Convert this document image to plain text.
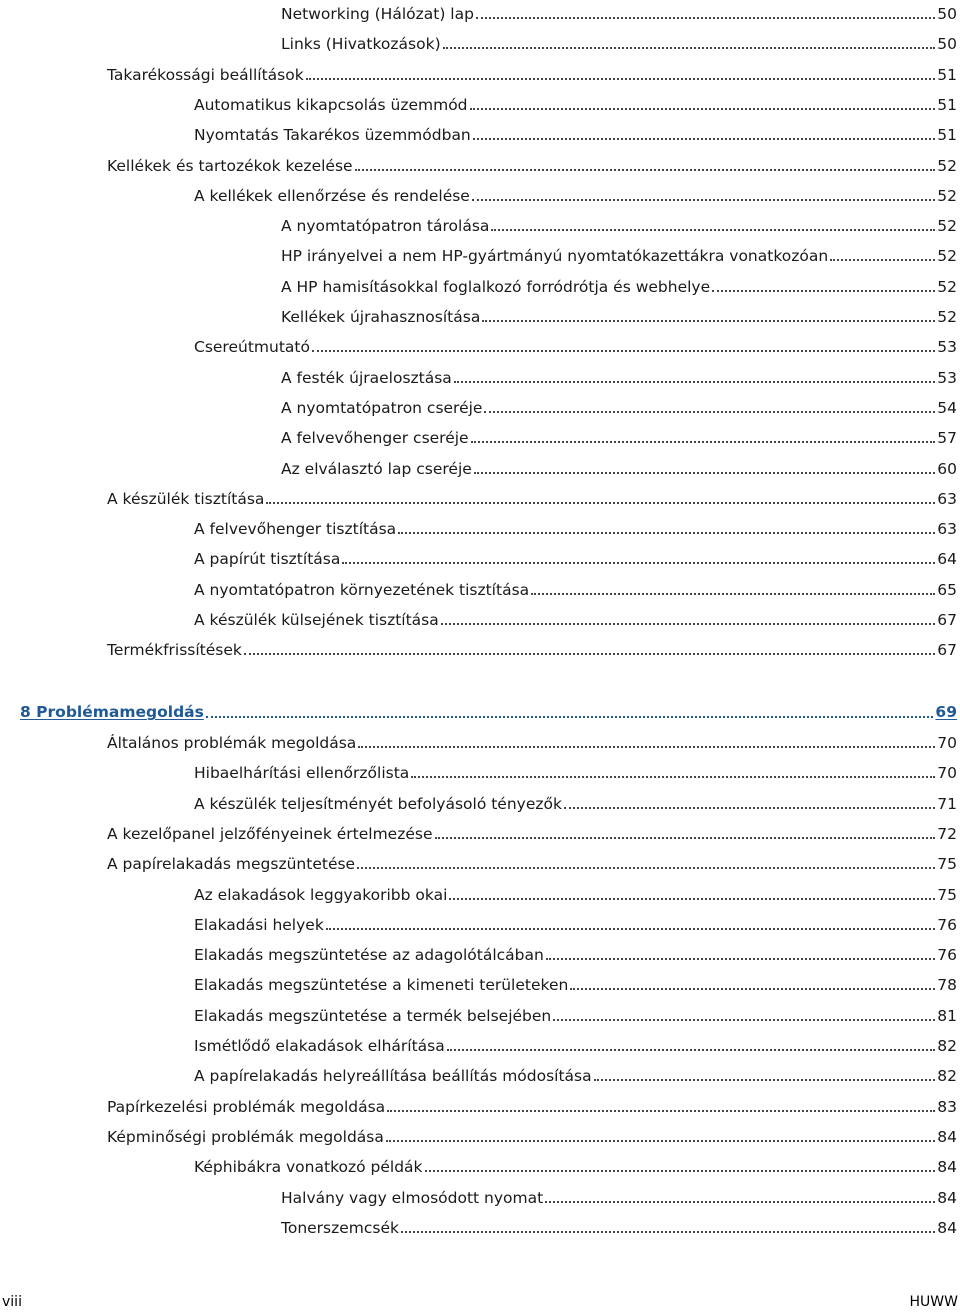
Networking (Hálózat) lap	50
Links (Hivatkozások)	50
Takarékossági beállítások	51
Automatikus kikapcsolás üzemmód	51
Nyomtatás Takarékos üzemmódban	51
Kellékek és tartozékok kezelése	52
A kellékek ellenőrzése és rendelése	52
A nyomtatópatron tárolása	52
HP irányelvei a nem HP-gyártmányú nyomtatókazettákra vonatkozóan	52
A HP hamisításokkal foglalkozó forródrótja és webhelye	52
Kellékek újrahasznosítása	52
Csereútmutató	53
A festék újraelosztása	53
A nyomtatópatron cseréje	54
A felvevőhenger cseréje	57
Az elválasztó lap cseréje	60
A készülék tisztítása	63
A felvevőhenger tisztítása	63
A papírút tisztítása	64
A nyomtatópatron környezetének tisztítása	65
A készülék külsejének tisztítása	67
Termékfrissítések	67
8 Problémamegoldás	69
Általános problémák megoldása	70
Hibaelhárítási ellenőrzőlista	70
A készülék teljesítményét befolyásoló tényezők	71
A kezelőpanel jelzőfényeinek értelmezése	72
A papírelakadás megszüntetése	75
Az elakadások leggyakoribb okai	75
Elakadási helyek	76
Elakadás megszüntetése az adagolótálcában	76
Elakadás megszüntetése a kimeneti területeken	78
Elakadás megszüntetése a termék belsejében	81
Ismétlődő elakadások elhárítása	82
A papírelakadás helyreállítása beállítás módosítása	82
Papírkezelési problémák megoldása	83
Képminőségi problémák megoldása	84
Képhibákra vonatkozó példák	84
Halvány vagy elmosódott nyomat	84
Tonerszemcsék	84
viii	HUWW
